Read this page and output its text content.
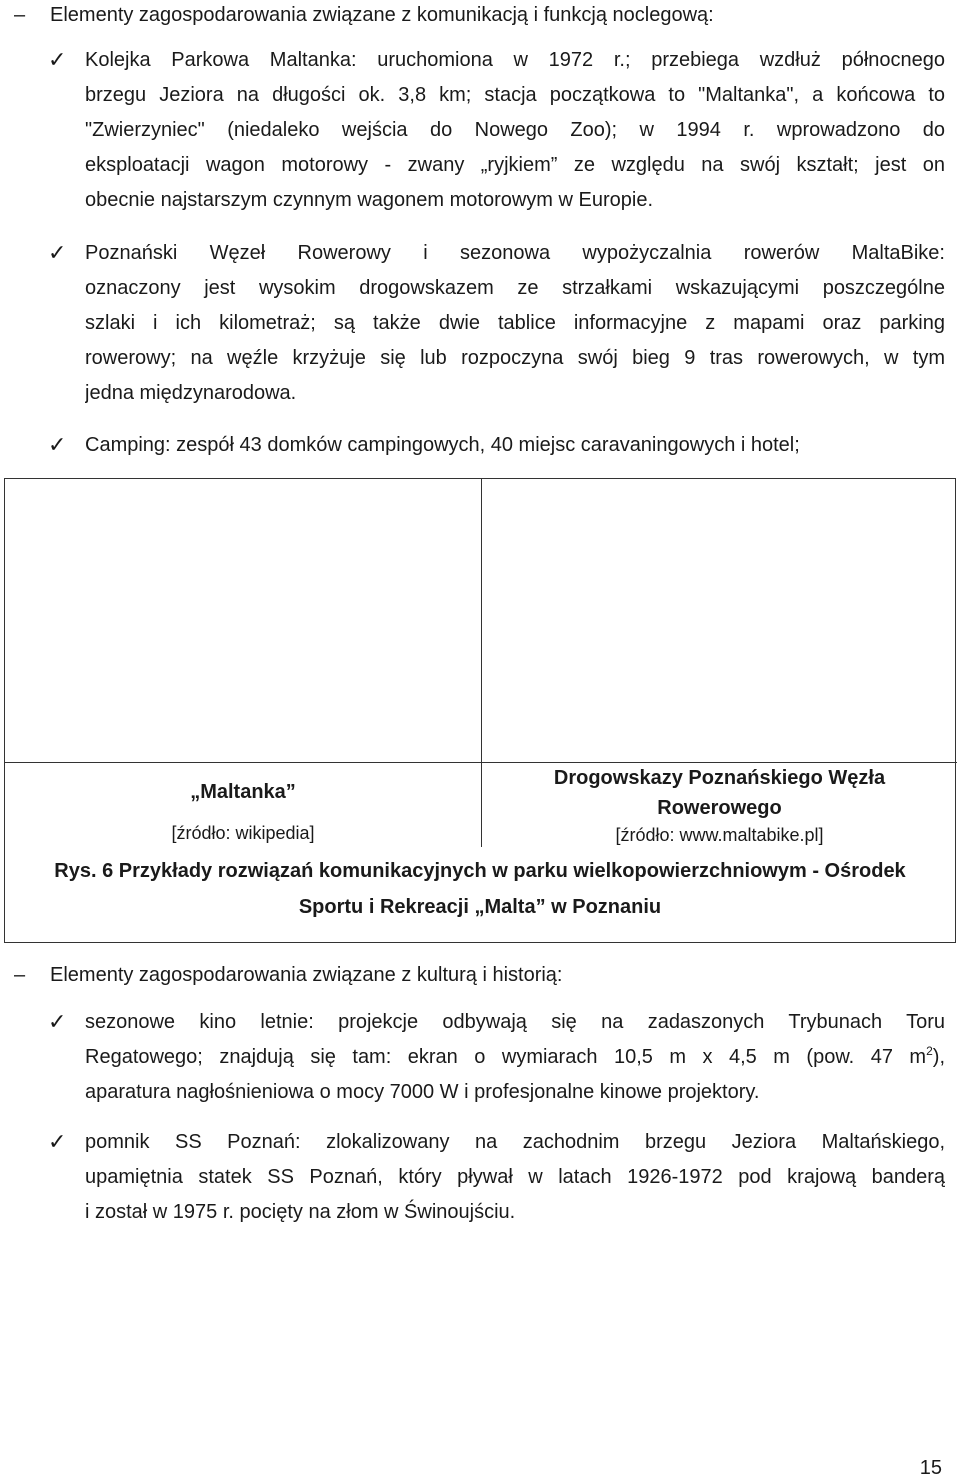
– Elementy zagospodarowania związane z komunikacją i funkcją noclegową:
✓ Kolejka Parkowa Maltanka: uruchomiona w 1972 r.; przebiega wzdłuż północnego
brzegu Jeziora na długości ok. 3,8 km; stacja początkowa to "Maltanka", a końcowa to
"Zwierzyniec" (niedaleko wejścia do Nowego Zoo); w 1994 r. wprowadzono do
eksploatacji wagon motorowy - zwany „ryjkiem” ze względu na swój kształt; jest on
obecnie najstarszym czynnym wagonem motorowym w Europie.
✓ Poznański Węzeł Rowerowy i sezonowa wypożyczalnia rowerów MaltaBike:
oznaczony jest wysokim drogowskazem ze strzałkami wskazującymi poszczególne
szlaki i ich kilometraż; są także dwie tablice informacyjne z mapami oraz parking
rowerowy; na węźle krzyżuje się lub rozpoczyna swój bieg 9 tras rowerowych, w tym
jedna międzynarodowa.
✓ Camping: zespół 43 domków campingowych, 40 miejsc caravaningowych i hotel;
„Maltanka”
[źródło: wikipedia]
Drogowskazy Poznańskiego Węzła
Rowerowego
[źródło: www.maltabike.pl]
Rys. 6 Przykłady rozwiązań komunikacyjnych w parku wielkopowierzchniowym - Ośrodek
Sportu i Rekreacji „Malta” w Poznaniu
– Elementy zagospodarowania związane z kulturą i historią:
✓ sezonowe kino letnie: projekcje odbywają się na zadaszonych Trybunach Toru
Regatowego; znajdują się tam: ekran o wymiarach 10,5 m x 4,5 m (pow. 47 $m^2$),
aparatura nagłośnieniowa o mocy 7000 W i profesjonalne kinowe projektory.
✓ pomnik SS Poznań: zlokalizowany na zachodnim brzegu Jeziora Maltańskiego,
upamiętnia statek SS Poznań, który pływał w latach 1926-1972 pod krajową banderą
i został w 1975 r. pocięty na złom w Świnoujściu.
15
